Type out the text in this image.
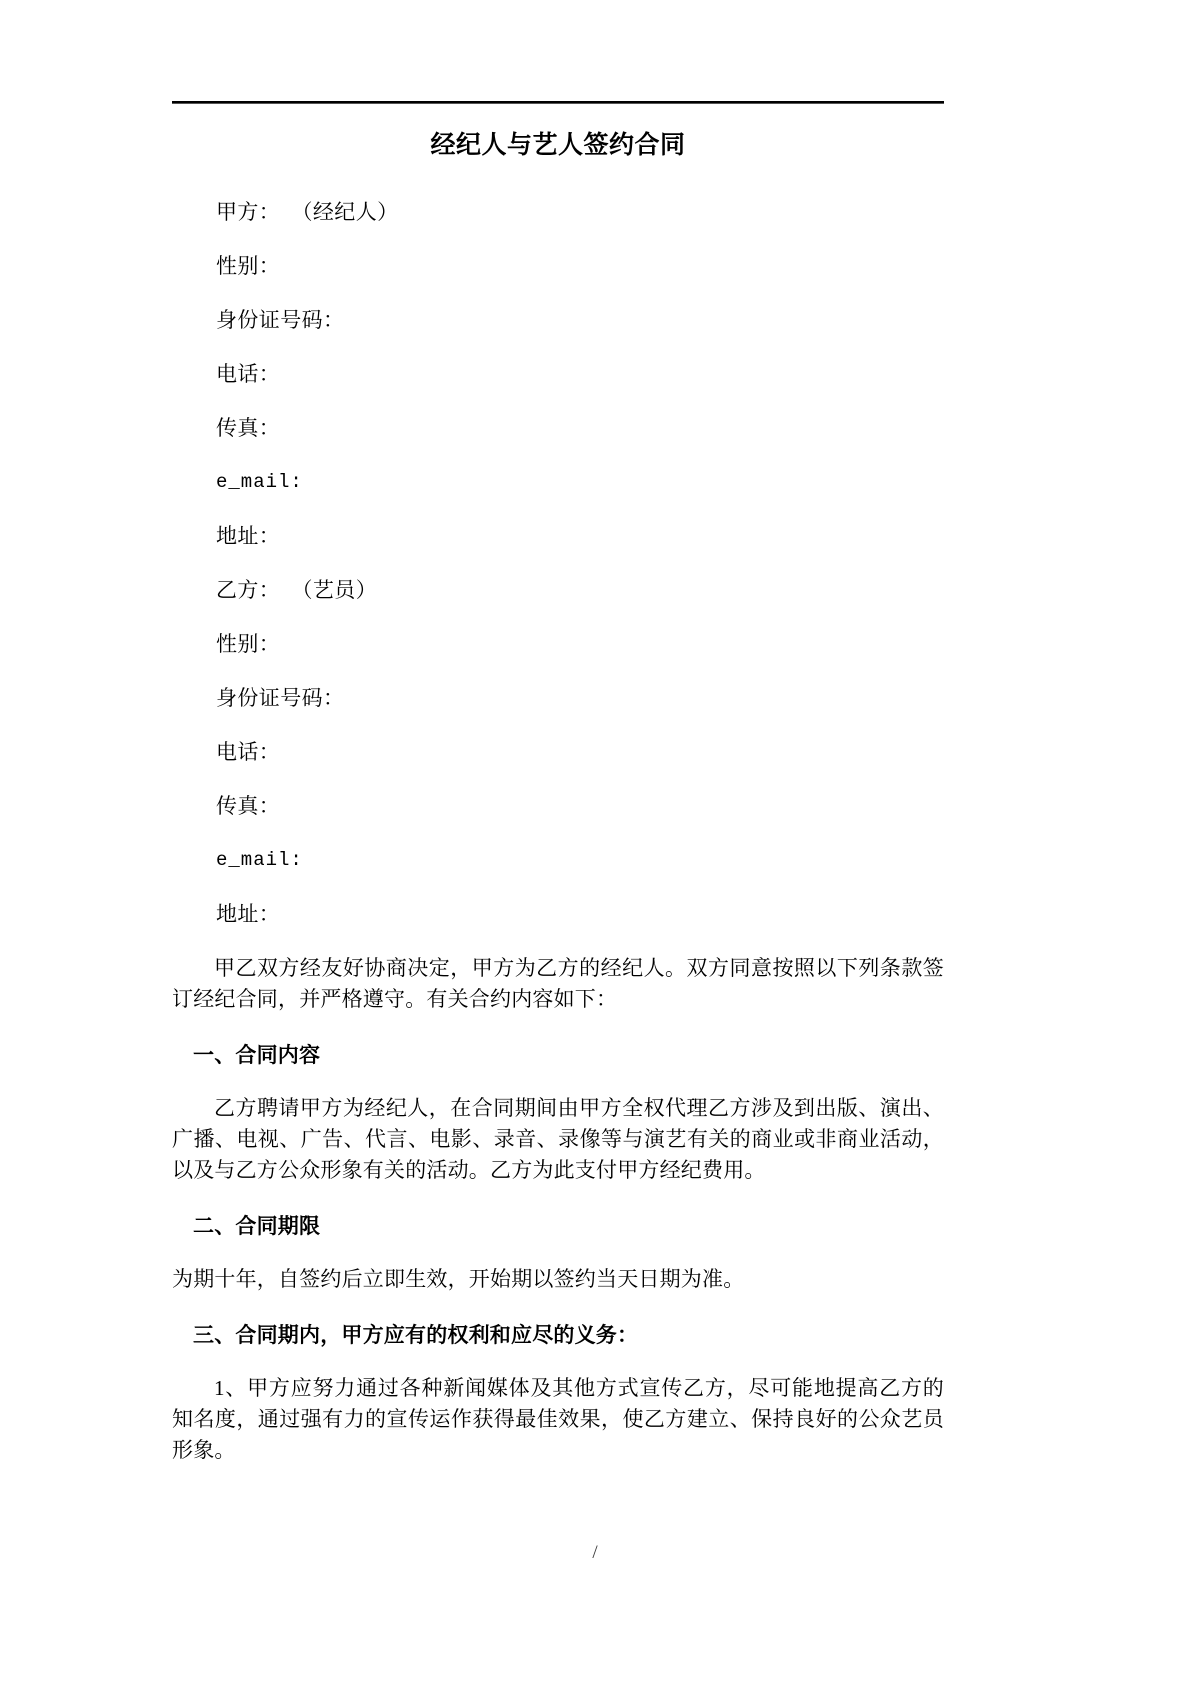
经纪人与艺人签约合同
甲方：  （经纪人）
性别：
身份证号码：
电话：
传真：
e_mail:
地址：
乙方：  （艺员）
性别：
身份证号码：
电话：
传真：
e_mail:
地址：

甲乙双方经友好协商决定，甲方为乙方的经纪人。双方同意按照以下列条款签订经纪合同，并严格遵守。有关合约内容如下：

一、合同内容

乙方聘请甲方为经纪人，在合同期间由甲方全权代理乙方涉及到出版、演出、广播、电视、广告、代言、电影、录音、录像等与演艺有关的商业或非商业活动，以及与乙方公众形象有关的活动。乙方为此支付甲方经纪费用。

二、合同期限

为期十年，自签约后立即生效，开始期以签约当天日期为准。

三、合同期内，甲方应有的权利和应尽的义务：

1、甲方应努力通过各种新闻媒体及其他方式宣传乙方，尽可能地提高乙方的知名度，通过强有力的宣传运作获得最佳效果，使乙方建立、保持良好的公众艺员形象。

/
